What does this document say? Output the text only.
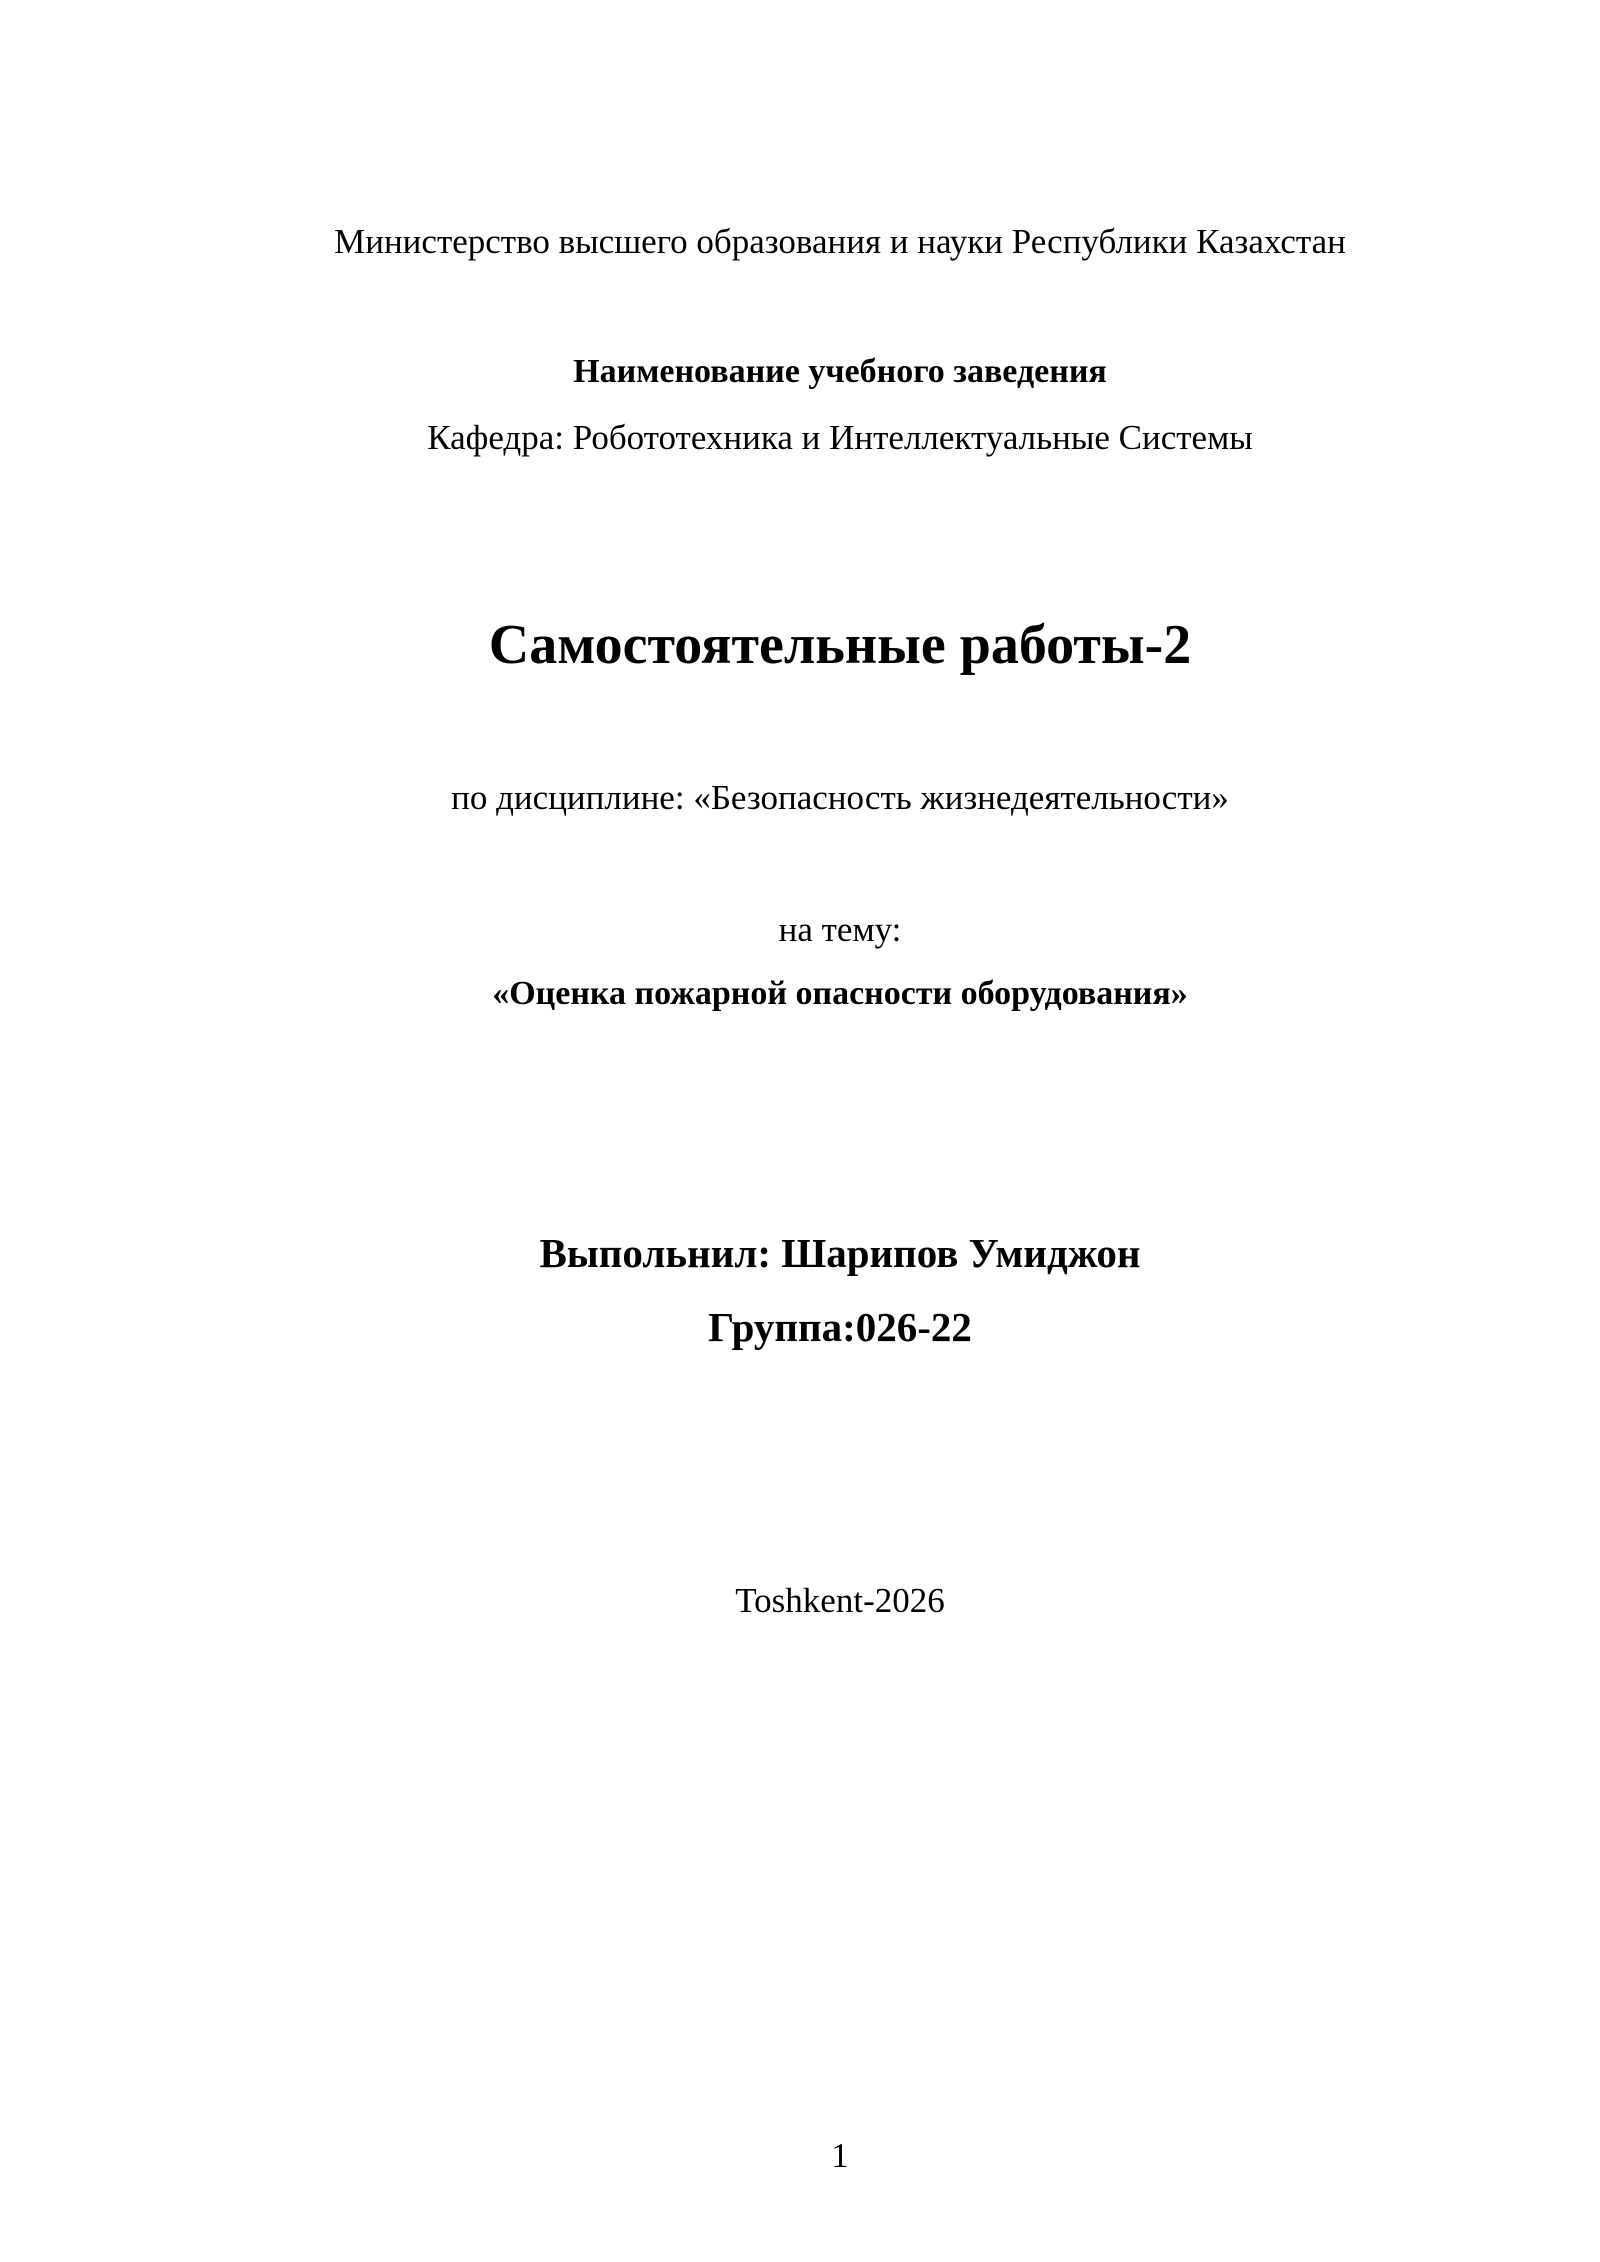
Министерство высшего образования и науки Республики Казахстан
Наименование учебного заведения
Кафедра: Робототехника и Интеллектуальные Системы
Самостоятельные работы-2
по дисциплине: «Безопасность жизнедеятельности»
на тему:
«Оценка пожарной опасности оборудования»
Выпольнил: Шарипов Умиджон
Группа:026-22
Toshkent-2026
1
